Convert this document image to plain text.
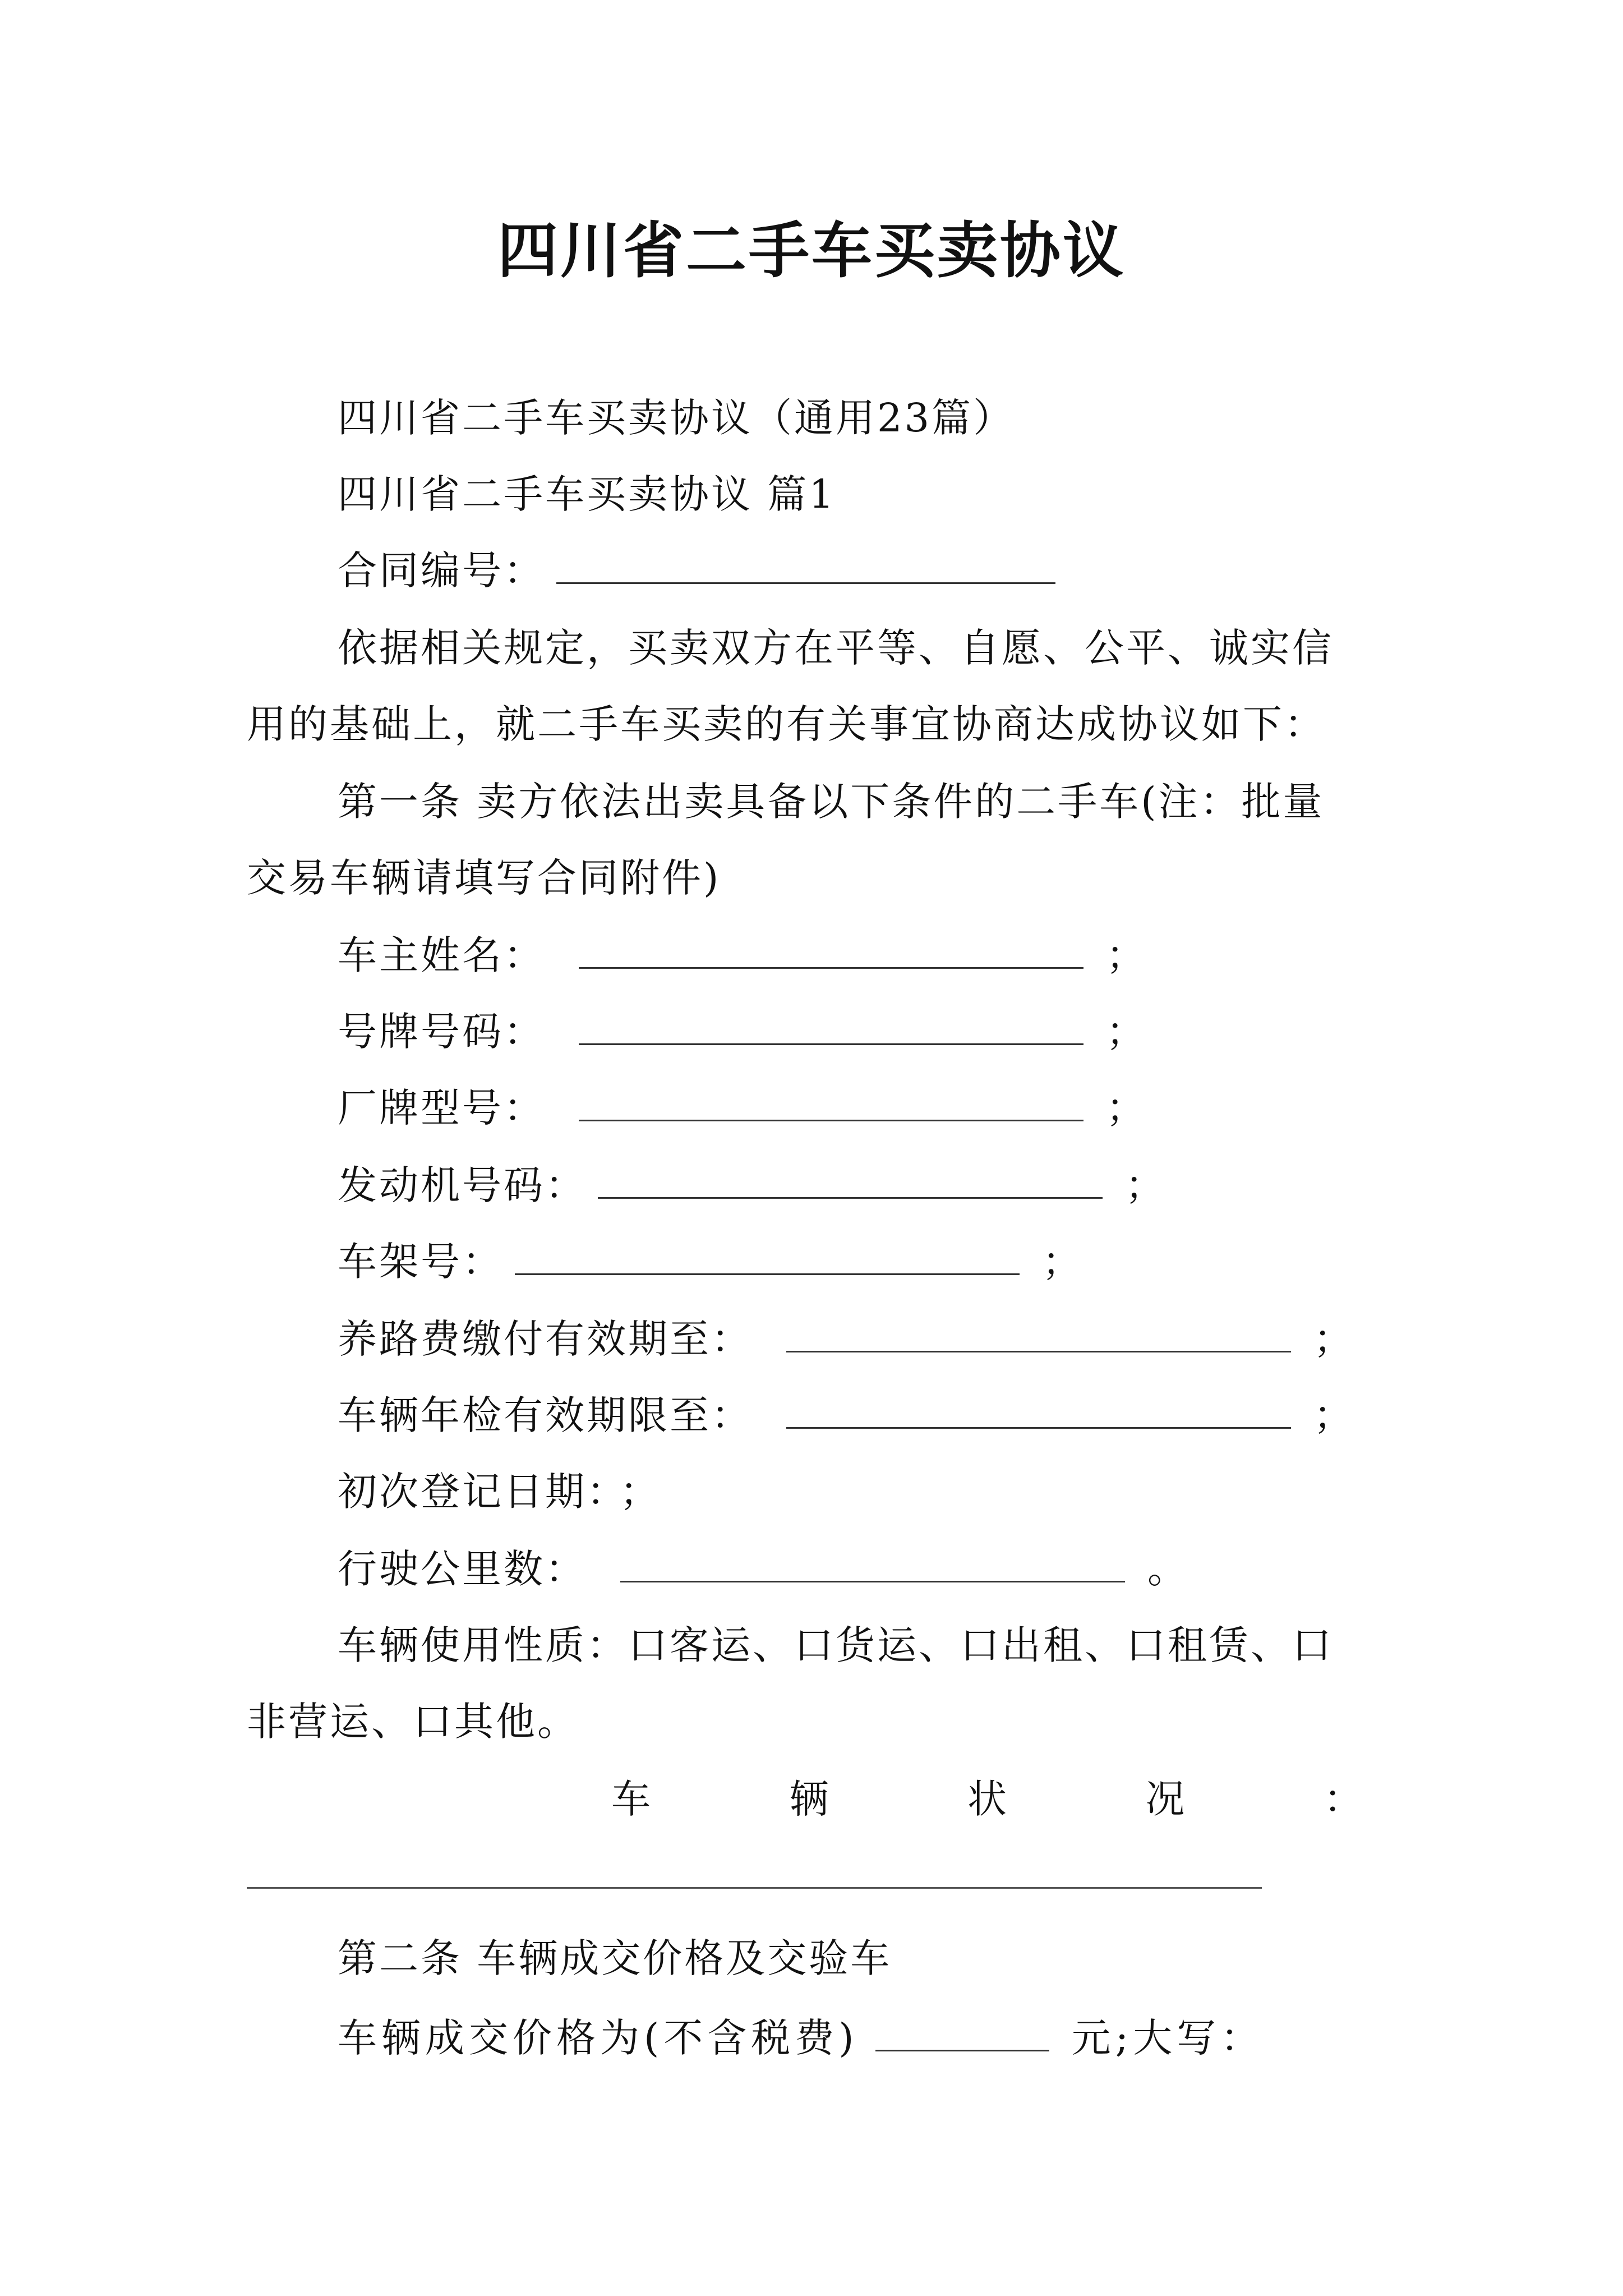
四川省二手车买卖协议
四川省二手车买卖协议（通用23篇）
四川省二手车买卖协议 篇1
合同编号：
依据相关规定，买卖双方在平等、自愿、公平、诚实信
用的基础上，就二手车买卖的有关事宜协商达成协议如下：
第一条 卖方依法出卖具备以下条件的二手车(注：批量
交易车辆请填写合同附件)
车主姓名：	；
号牌号码：	；
厂牌型号：	；
发动机号码：	；
车架号：	；
养路费缴付有效期至：	；
车辆年检有效期限至：	；
初次登记日期： ；
行驶公里数：	。
车辆使用性质：口客运、口货运、口出租、口租赁、口
非营运、口其他。
车	辆	状	况	：
第二条 车辆成交价格及交验车
车辆成交价格为(不含税费)	元;大写：
